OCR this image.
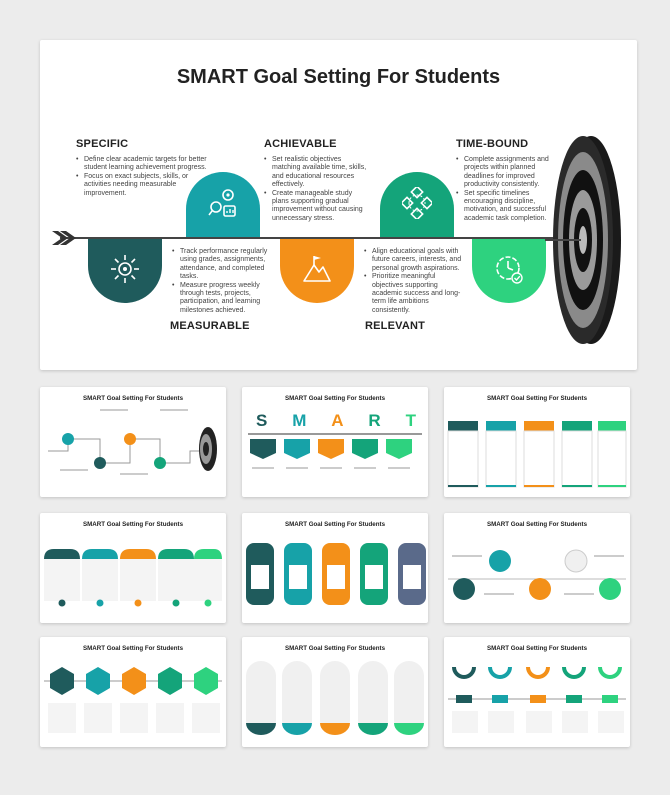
SMART Goal Setting For Students
SPECIFIC
• Define clear academic targets for better student learning achievement progress.
• Focus on exact subjects, skills, or activities needing measurable improvement.
ACHIEVABLE
• Set realistic objectives matching available time, skills, and educational resources effectively.
• Create manageable study plans supporting gradual improvement without causing unnecessary stress.
TIME-BOUND
• Complete assignments and projects within planned deadlines for improved productivity consistently.
• Set specific timelines encouraging discipline, motivation, and successful academic task completion.
• Track performance regularly using grades, assignments, attendance, and completed tasks.
• Measure progress weekly through tests, projects, participation, and learning milestones achieved.
MEASURABLE
• Align educational goals with future careers, interests, and personal growth aspirations.
• Prioritize meaningful objectives supporting academic success and long-term life ambitions consistently.
RELEVANT
SMART Goal Setting For Students	SMART Goal Setting For Students
S M A R T
SMART Goal Setting For Students
SMART Goal Setting For Students	SMART Goal Setting For Students	SMART Goal Setting For Students
SMART Goal Setting For Students	SMART Goal Setting For Students	SMART Goal Setting For Students
